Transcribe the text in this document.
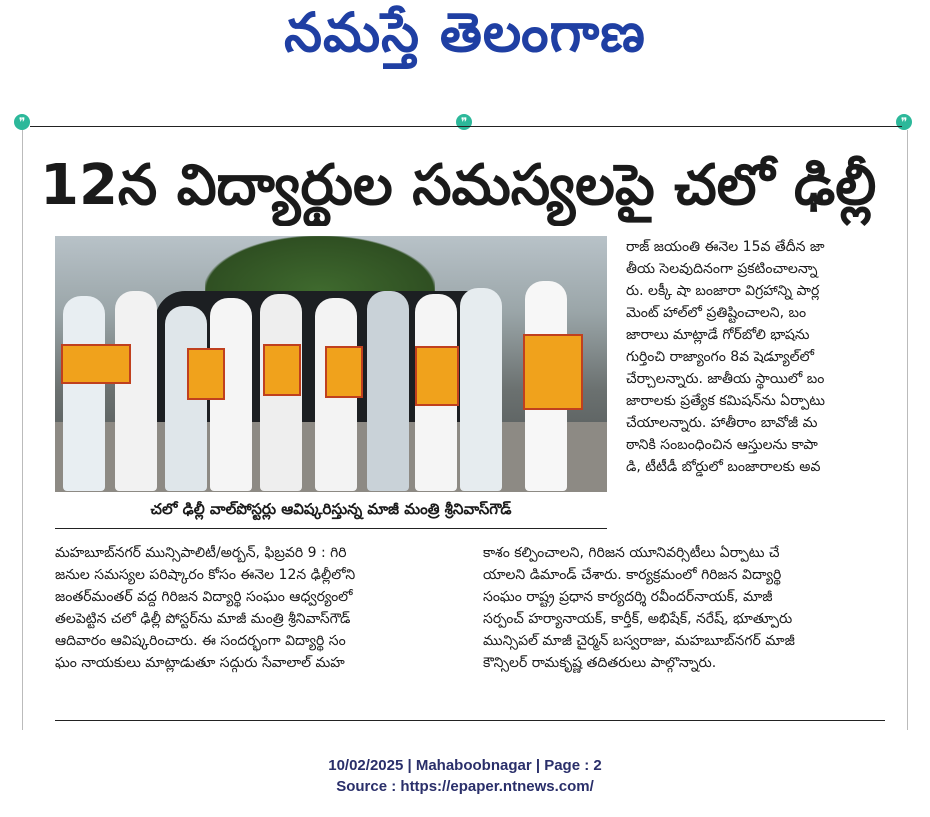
నమస్తే తెలంగాణ
❞	❞	❞
12న విద్యార్థుల సమస్యలపై చలో ఢిల్లీ
చలో ఢిల్లీ వాల్‌పోస్టర్లు ఆవిష్కరిస్తున్న మాజీ మంత్రి శ్రీనివాస్‌గౌడ్
రాజ్ జయంతి ఈనెల 15వ తేదీన జా
తీయ సెలవుదినంగా ప్రకటించాలన్నా
రు. లక్కీ షా బంజారా విగ్రహాన్ని పార్ల
మెంట్ హాల్‌లో ప్రతిష్టించాలని, బం
జారాలు మాట్లాడే గోర్‌బోలి భాషను
గుర్తించి రాజ్యాంగం 8వ షెడ్యూల్‌లో
చేర్చాలన్నారు. జాతీయ స్థాయిలో బం
జారాలకు ప్రత్యేక కమిషన్‌ను ఏర్పాటు
చేయాలన్నారు. హాతీరాం బావోజీ మ
ఠానికి సంబంధించిన ఆస్తులను కాపా
డి, టీటీడీ బోర్డులో బంజారాలకు అవ
మహబూబ్‌నగర్ మున్సిపాలిటీ/అర్బన్, ఫిబ్రవరి 9 : గిరి
జనుల సమస్యల పరిష్కారం కోసం ఈనెల 12న ఢిల్లీలోని
జంతర్‌మంతర్ వద్ద గిరిజన విద్యార్థి సంఘం ఆధ్వర్యంలో
తలపెట్టిన చలో ఢిల్లీ పోస్టర్‌ను మాజీ మంత్రి శ్రీనివాస్‌గౌడ్
ఆదివారం ఆవిష్కరించారు. ఈ సందర్భంగా విద్యార్థి సం
ఘం నాయకులు మాట్లాడుతూ సద్గురు సేవాలాల్ మహ
కాశం కల్పించాలని, గిరిజన యూనివర్సిటీలు ఏర్పాటు చే
యాలని డిమాండ్ చేశారు. కార్యక్రమంలో గిరిజన విద్యార్థి
సంఘం రాష్ట్ర ప్రధాన కార్యదర్శి రవీందర్‌నాయక్, మాజీ
సర్పంచ్ హర్యానాయక్, కార్తీక్, అభిషేక్, నరేష్, భూత్పూరు
మున్సిపల్ మాజీ చైర్మన్ బస్వరాజు, మహబూబ్‌నగర్ మాజీ
కౌన్సిలర్ రామకృష్ణ తదితరులు పాల్గొన్నారు.
10/02/2025 | Mahaboobnagar | Page : 2
Source : https://epaper.ntnews.com/
